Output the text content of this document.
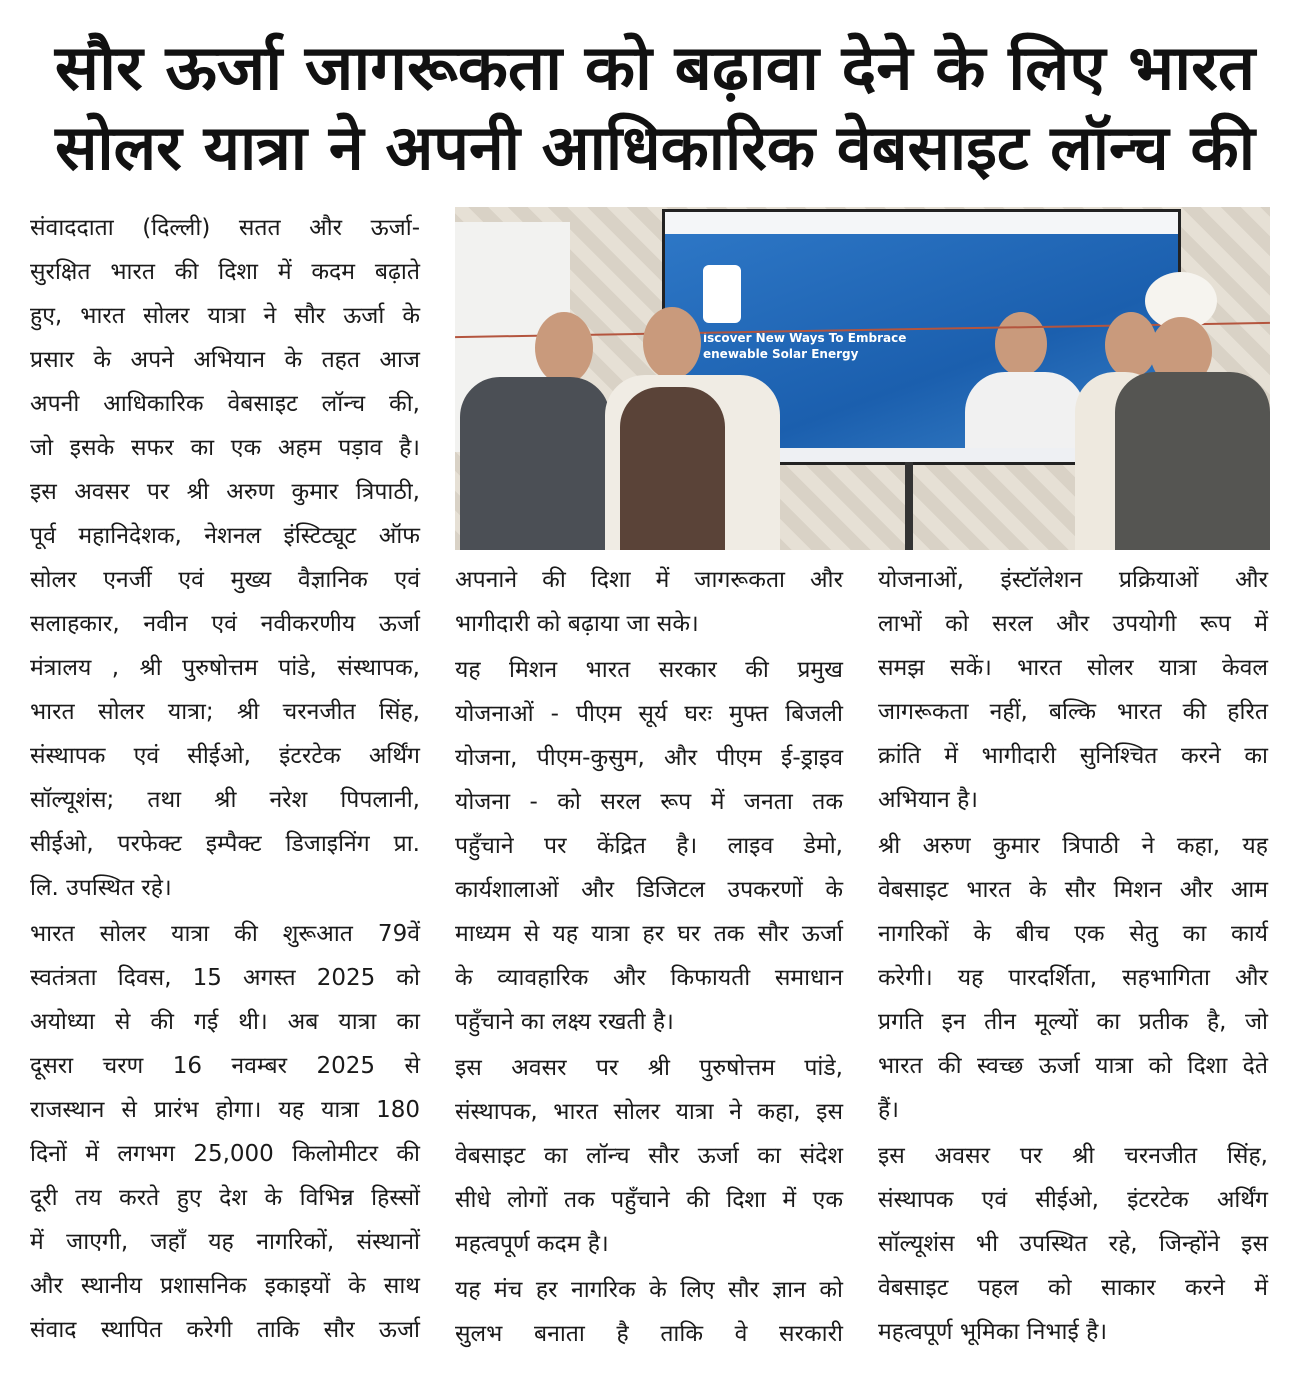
सौर ऊर्जा जागरूकता को बढ़ावा देने के लिए भारत
सोलर यात्रा ने अपनी आधिकारिक वेबसाइट लॉन्च की
iscover New Ways To Embrace
enewable Solar Energy
संवाददाता (दिल्ली) सतत और ऊर्जा-
सुरक्षित भारत की दिशा में कदम बढ़ाते
हुए, भारत सोलर यात्रा ने सौर ऊर्जा के
प्रसार के अपने अभियान के तहत आज
अपनी आधिकारिक वेबसाइट लॉन्च की,
जो इसके सफर का एक अहम पड़ाव है।
इस अवसर पर श्री अरुण कुमार त्रिपाठी,
पूर्व महानिदेशक, नेशनल इंस्टिट्यूट ऑफ
सोलर एनर्जी एवं मुख्य वैज्ञानिक एवं
सलाहकार, नवीन एवं नवीकरणीय ऊर्जा
मंत्रालय , श्री पुरुषोत्तम पांडे, संस्थापक,
भारत सोलर यात्रा; श्री चरनजीत सिंह,
संस्थापक एवं सीईओ, इंटरटेक अर्थिंग
सॉल्यूशंस; तथा श्री नरेश पिपलानी,
सीईओ, परफेक्ट इम्पैक्ट डिजाइनिंग प्रा.
लि. उपस्थित रहे।
भारत सोलर यात्रा की शुरूआत 79वें
स्वतंत्रता दिवस, 15 अगस्त 2025 को
अयोध्या से की गई थी। अब यात्रा का
दूसरा चरण 16 नवम्बर 2025 से
राजस्थान से प्रारंभ होगा। यह यात्रा 180
दिनों में लगभग 25,000 किलोमीटर की
दूरी तय करते हुए देश के विभिन्न हिस्सों
में जाएगी, जहाँ यह नागरिकों, संस्थानों
और स्थानीय प्रशासनिक इकाइयों के साथ
संवाद स्थापित करेगी ताकि सौर ऊर्जा
अपनाने की दिशा में जागरूकता और
भागीदारी को बढ़ाया जा सके।
यह मिशन भारत सरकार की प्रमुख
योजनाओं - पीएम सूर्य घरः मुफ्त बिजली
योजना, पीएम-कुसुम, और पीएम ई-ड्राइव
योजना - को सरल रूप में जनता तक
पहुँचाने पर केंद्रित है। लाइव डेमो,
कार्यशालाओं और डिजिटल उपकरणों के
माध्यम से यह यात्रा हर घर तक सौर ऊर्जा
के व्यावहारिक और किफायती समाधान
पहुँचाने का लक्ष्य रखती है।
इस अवसर पर श्री पुरुषोत्तम पांडे,
संस्थापक, भारत सोलर यात्रा ने कहा, इस
वेबसाइट का लॉन्च सौर ऊर्जा का संदेश
सीधे लोगों तक पहुँचाने की दिशा में एक
महत्वपूर्ण कदम है।
यह मंच हर नागरिक के लिए सौर ज्ञान को
सुलभ बनाता है ताकि वे सरकारी
योजनाओं, इंस्टॉलेशन प्रक्रियाओं और
लाभों को सरल और उपयोगी रूप में
समझ सकें। भारत सोलर यात्रा केवल
जागरूकता नहीं, बल्कि भारत की हरित
क्रांति में भागीदारी सुनिश्चित करने का
अभियान है।
श्री अरुण कुमार त्रिपाठी ने कहा, यह
वेबसाइट भारत के सौर मिशन और आम
नागरिकों के बीच एक सेतु का कार्य
करेगी। यह पारदर्शिता, सहभागिता और
प्रगति इन तीन मूल्यों का प्रतीक है, जो
भारत की स्वच्छ ऊर्जा यात्रा को दिशा देते
हैं।
इस अवसर पर श्री चरनजीत सिंह,
संस्थापक एवं सीईओ, इंटरटेक अर्थिंग
सॉल्यूशंस भी उपस्थित रहे, जिन्होंने इस
वेबसाइट पहल को साकार करने में
महत्वपूर्ण भूमिका निभाई है।
